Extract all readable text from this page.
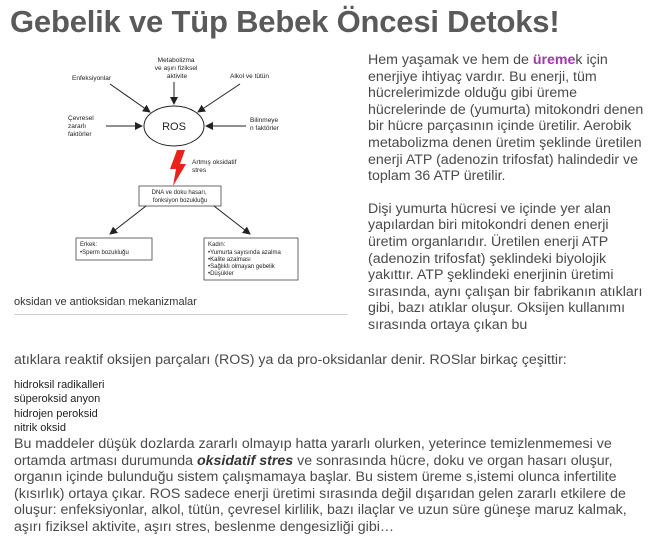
Gebelik ve Tüp Bebek Öncesi Detoks!
ROS
Metabolizma ve aşırı fiziksel aktivite
Enfeksiyonlar	Alkol ve tütün
Çevresel zararlı faktörler
Bilinmeye n faktörler
Artmış oksidatif stres
DNA ve doku hasarı, fonksiyon bozukluğu
Erkek: •Sperm bozukluğu
Kadın: •Yumurta sayısında azalma •Kalite azalması •Sağlıklı olmayan gebelik •Düşükler
oksidan ve antioksidan mekanizmalar

Hem yaşamak ve hem de üremek için enerjiye ihtiyaç vardır. Bu enerji, tüm hücrelerimizde olduğu gibi üreme hücrelerinde de (yumurta) mitokondri denen bir hücre parçasının içinde üretilir. Aerobik metabolizma denen üretim şeklinde üretilen enerji ATP (adenozin trifosfat) halindedir ve toplam 36 ATP üretilir.

Dişi yumurta hücresi ve içinde yer alan yapılardan biri mitokondri denen enerji üretim organlarıdır. Üretilen enerji ATP (adenozin trifosfat) şeklindeki biyolojik yakıttır. ATP şeklindeki enerjinin üretimi sırasında, aynı çalışan bir fabrikanın atıkları gibi, bazı atıklar oluşur. Oksijen kullanımı sırasında ortaya çıkan bu

atıklara reaktif oksijen parçaları (ROS) ya da pro-oksidanlar denir. ROSlar birkaç çeşittir:
hidroksil radikalleri
süperoksid anyon
hidrojen peroksid
nitrik oksid
Bu maddeler düşük dozlarda zararlı olmayıp hatta yararlı olurken, yeterince temizlenmemesi ve ortamda artması durumunda oksidatif stres ve sonrasında hücre, doku ve organ hasarı oluşur, organın içinde bulunduğu sistem çalışmamaya başlar. Bu sistem üreme s,istemi olunca infertilite (kısırlık) ortaya çıkar. ROS sadece enerji üretimi sırasında değil dışarıdan gelen zararlı etkilere de oluşur: enfeksiyonlar, alkol, tütün, çevresel kirlilik, bazı ilaçlar ve uzun süre güneşe maruz kalmak, aşırı fiziksel aktivite, aşırı stres, beslenme dengesizliği gibi…
